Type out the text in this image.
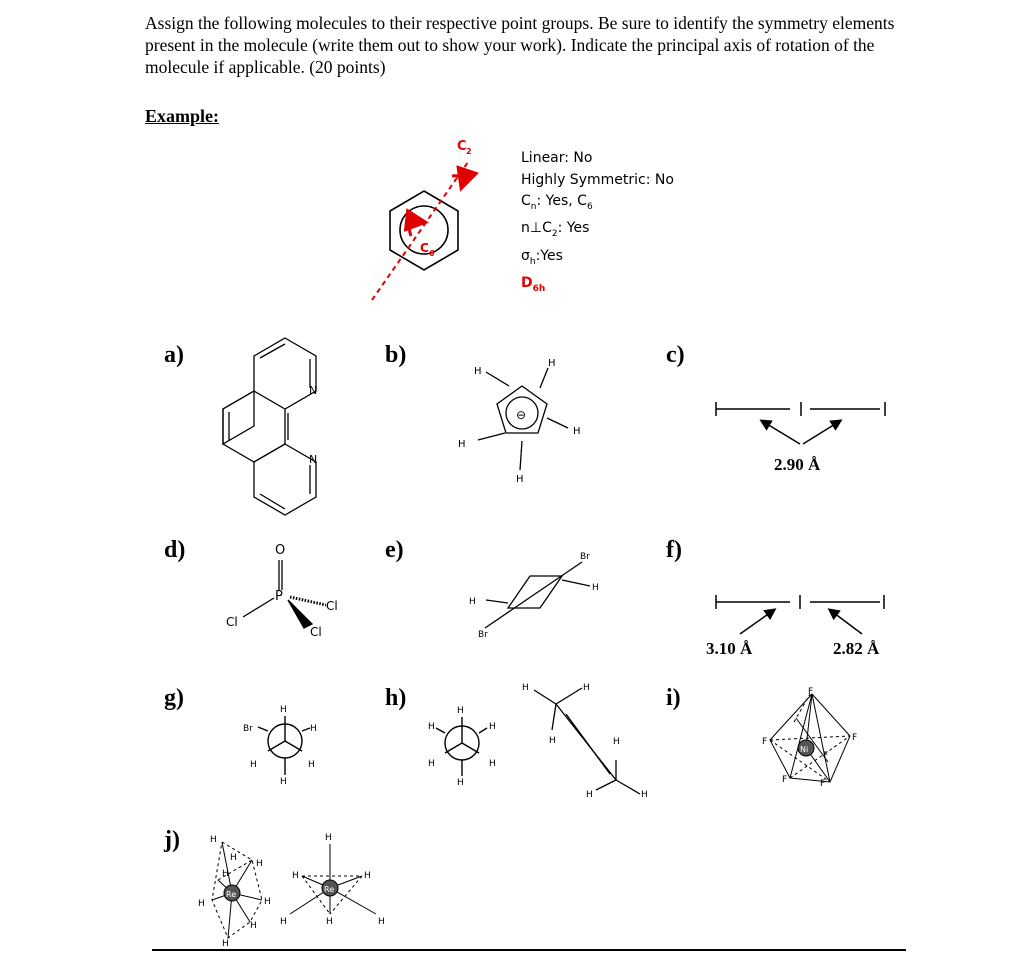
Assign the following molecules to their respective point groups. Be sure to identify the symmetry elements present in the molecule (write them out to show your work). Indicate the principal axis of rotation of the molecule if applicable. (20 points)

Example:

Linear: No
Highly Symmetric: No
$C_n$: Yes, $C_6$
$n\perp C_2$: Yes
$\sigma_h:Yes$
$D_{6h}$
a)	b)	c)
d)	e)	f)
g)	h)	i)
j)
C 2
C 6
N
N
⊖
H
H
H
H
H
2.90 Å
O
P
Cl
Cl
Cl
Br
Br
H
H
3.10 Å	2.82 Å
H
Br	H
H	H
H
H
H	H
H	H
H
H	H
H	H
H	H
Ni
F
F	F
F	F
F
Re
H
H
H
H
H	H
H
H
Re
H
H	H
H	H	H
